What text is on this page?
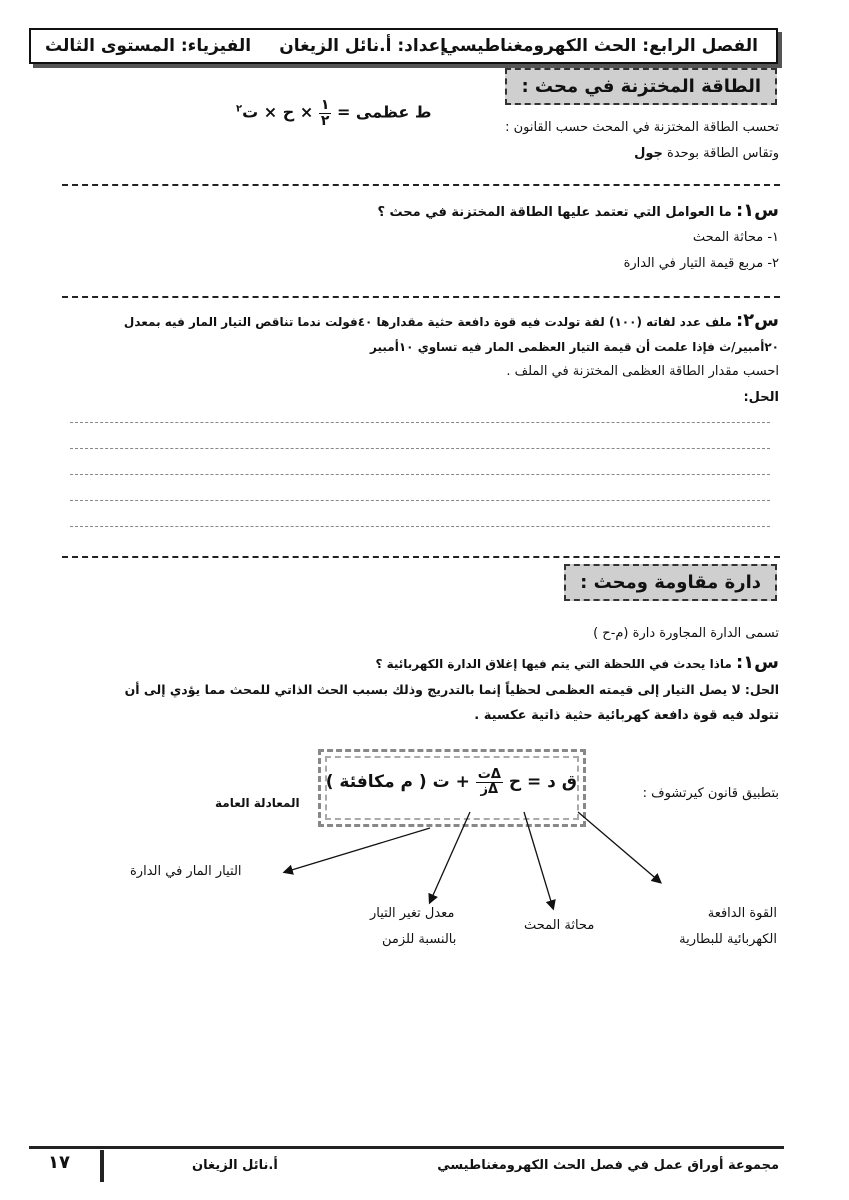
الفصل الرابع: الحث الكهرومغناطيسي
إعداد: أ.نائل الزيغان
الفيزياء: المستوى الثالث
الطاقة المختزنة في محث :
تحسب الطاقة المختزنة في المحث حسب القانون :
ط عظمى =
$\frac{١}{٢}$
× ح × ت$^٢$
وتقاس الطاقة بوحدة جول
س١: ما العوامل التي تعتمد عليها الطاقة المختزنة في محث ؟
١- محاثة المحث
٢- مربع قيمة التيار في الدارة
س٢: ملف عدد لفاته (١٠٠) لفة تولدت فيه قوة دافعة حثية مقدارها ٤٠فولت ندما تناقص التيار المار فيه بمعدل
٢٠أمبير/ث فإذا علمت أن قيمة التيار العظمى المار فيه تساوي ١٠أمبير
احسب مقدار الطاقة العظمى المختزنة في الملف .
الحل:
دارة مقاومة ومحث :
تسمى الدارة المجاورة دارة (م-ح )
س١: ماذا يحدث في اللحظة التي يتم فيها إغلاق الدارة الكهربائية ؟
الحل: لا يصل التيار إلى قيمته العظمى لحظياً إنما بالتدريج وذلك بسبب الحث الذاتي للمحث مما يؤدي إلى أن
تتولد فيه قوة دافعة كهربائية حثية ذاتية عكسية .
بتطبيق قانون كيرتشوف :
ق د = ح
$\frac{\text{Δت}}{\text{Δز}}$
+ ت ( م مكافئة )
المعادلة العامة
التيار المار في الدارة
معدل تغير التيار
بالنسبة للزمن
محاثة المحث
القوة الدافعة
الكهربائية للبطارية
مجموعة أوراق عمل في فصل الحث الكهرومغناطيسي
أ.نائل الزيغان
١٧
